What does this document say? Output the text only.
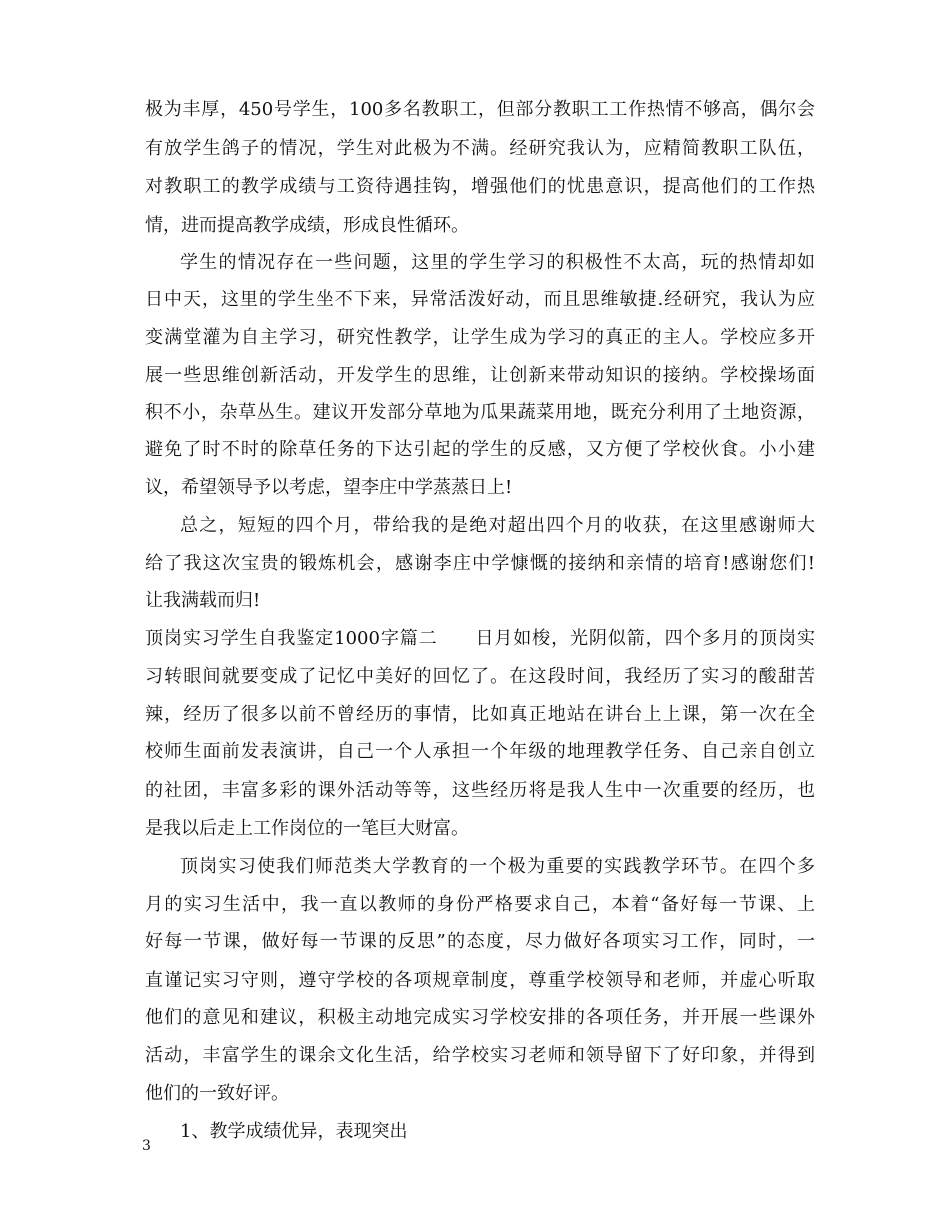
极为丰厚，450号学生，100多名教职工，但部分教职工工作热情不够高，偶尔会
有放学生鸽子的情况，学生对此极为不满。经研究我认为，应精简教职工队伍，
对教职工的教学成绩与工资待遇挂钩，增强他们的忧患意识，提高他们的工作热
情，进而提高教学成绩，形成良性循环。
学生的情况存在一些问题，这里的学生学习的积极性不太高，玩的热情却如
日中天，这里的学生坐不下来，异常活泼好动，而且思维敏捷.经研究，我认为应
变满堂灌为自主学习，研究性教学，让学生成为学习的真正的主人。学校应多开
展一些思维创新活动，开发学生的思维，让创新来带动知识的接纳。学校操场面
积不小，杂草丛生。建议开发部分草地为瓜果蔬菜用地，既充分利用了土地资源，
避免了时不时的除草任务的下达引起的学生的反感，又方便了学校伙食。小小建
议，希望领导予以考虑，望李庄中学蒸蒸日上!
总之，短短的四个月，带给我的是绝对超出四个月的收获，在这里感谢师大
给了我这次宝贵的锻炼机会，感谢李庄中学慷慨的接纳和亲情的培育!感谢您们!
让我满载而归!
顶岗实习学生自我鉴定1000字篇二　　日月如梭，光阴似箭，四个多月的顶岗实
习转眼间就要变成了记忆中美好的回忆了。在这段时间，我经历了实习的酸甜苦
辣，经历了很多以前不曾经历的事情，比如真正地站在讲台上上课，第一次在全
校师生面前发表演讲，自己一个人承担一个年级的地理教学任务、自己亲自创立
的社团，丰富多彩的课外活动等等，这些经历将是我人生中一次重要的经历，也
是我以后走上工作岗位的一笔巨大财富。
顶岗实习使我们师范类大学教育的一个极为重要的实践教学环节。在四个多
月的实习生活中，我一直以教师的身份严格要求自己，本着“备好每一节课、上
好每一节课，做好每一节课的反思”的态度，尽力做好各项实习工作，同时，一
直谨记实习守则，遵守学校的各项规章制度，尊重学校领导和老师，并虚心听取
他们的意见和建议，积极主动地完成实习学校安排的各项任务，并开展一些课外
活动，丰富学生的课余文化生活，给学校实习老师和领导留下了好印象，并得到
他们的一致好评。
1、教学成绩优异，表现突出
3
